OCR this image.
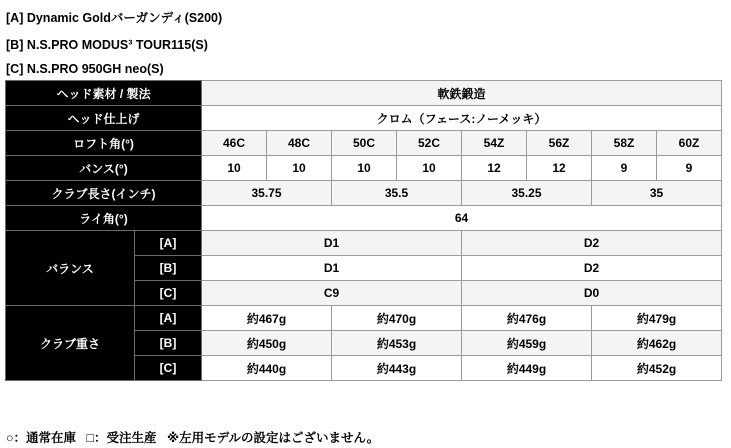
[A] Dynamic Goldバーガンディ(S200)
[B] N.S.PRO MODUS³ TOUR115(S)
[C] N.S.PRO 950GH neo(S)
ヘッド素材 / 製法		軟鉄鍛造							
ヘッド仕上げ		クロム（フェース:ノーメッキ）							
ロフト角(°)		46C	48C	50C	52C	54Z	56Z	58Z	60Z
バンス(°)		10	10	10	10	12	12	9	9
クラブ長さ(インチ)		35.75		35.5		35.25		35	
ライ角(°)		64							
バランス	[A]	D1				D2			
	[B]	D1				D2			
	[C]	C9				D0			
クラブ重さ	[A]	約467g		約470g		約476g		約479g	
	[B]	約450g		約453g		約459g		約462g	
	[C]	約440g		約443g		約449g		約452g	
○：通常在庫 □：受注生産 ※左用モデルの設定はございません。
